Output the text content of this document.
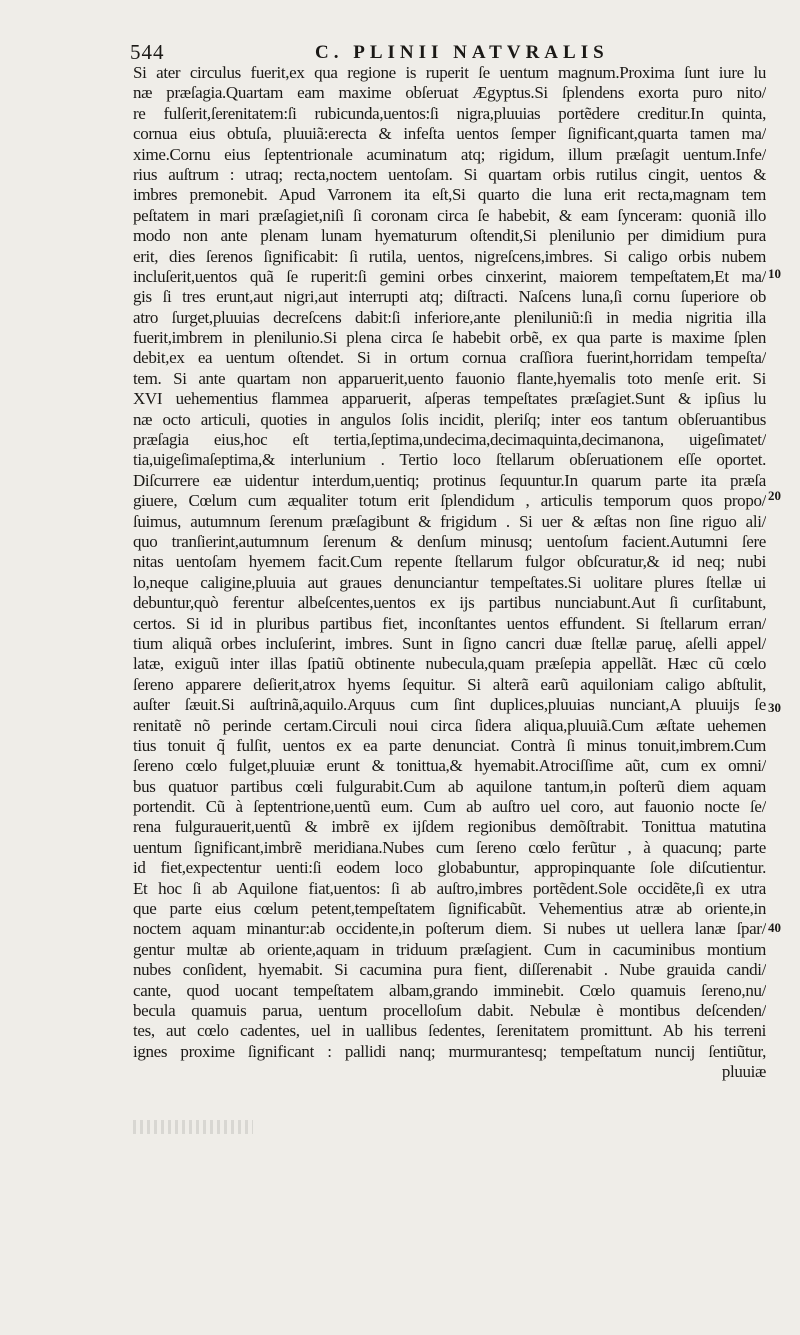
544	C. PLINII NATVRALIS
Si ater circulus fuerit,ex qua regione is ruperit ſe uentum magnum.Proxima ſunt iure lu
næ præſagia.Quartam eam maxime obſeruat Ægyptus.Si ſplendens exorta puro nito/
re fulſerit,ſerenitatem:ſi rubicunda,uentos:ſi nigra,pluuias portẽdere creditur.In quinta,
cornua eius obtuſa, pluuiã:erecta & infeſta uentos ſemper ſignificant,quarta tamen ma/
xime.Cornu eius ſeptentrionale acuminatum atq; rigidum, illum præſagit uentum.Infe/
rius auſtrum : utraq; recta,noctem uentoſam. Si quartam orbis rutilus cingit, uentos &
imbres premonebit. Apud Varronem ita eſt,Si quarto die luna erit recta,magnam tem
peſtatem in mari præſagiet,niſi ſi coronam circa ſe habebit, & eam ſynceram: quoniã illo
modo non ante plenam lunam hyematurum oſtendit,Si plenilunio per dimidium pura
erit, dies ſerenos ſignificabit: ſi rutila, uentos, nigreſcens,imbres. Si caligo orbis nubem
incluſerit,uentos quã ſe ruperit:ſi gemini orbes cinxerint, maiorem tempeſtatem,Et ma/
gis ſi tres erunt,aut nigri,aut interrupti atq; diſtracti. Naſcens luna,ſi cornu ſuperiore ob
atro ſurget,pluuias decreſcens dabit:ſi inferiore,ante pleniluniũ:ſi in media nigritia illa
fuerit,imbrem in plenilunio.Si plena circa ſe habebit orbẽ, ex qua parte is maxime ſplen
debit,ex ea uentum oſtendet. Si in ortum cornua craſſiora fuerint,horridam tempeſta/
tem. Si ante quartam non apparuerit,uento fauonio flante,hyemalis toto menſe erit. Si
XVI uehementius flammea apparuerit, aſperas tempeſtates præſagiet.Sunt & ipſius lu
næ octo articuli, quoties in angulos ſolis incidit, pleriſq; inter eos tantum obſeruantibus
præſagia eius,hoc eſt tertia,ſeptima,undecima,decimaquinta,decimanona, uigeſimatet/
tia,uigeſimaſeptima,& interlunium . Tertio loco ſtellarum obſeruationem eſſe oportet.
Diſcurrere eæ uidentur interdum,uentiq; protinus ſequuntur.In quarum parte ita præſa
giuere, Cœlum cum æqualiter totum erit ſplendidum , articulis temporum quos propo/
ſuimus, autumnum ſerenum præſagibunt & frigidum . Si uer & æſtas non ſine riguo ali/
quo tranſierint,autumnum ſerenum & denſum minusq; uentoſum facient.Autumni ſere
nitas uentoſam hyemem facit.Cum repente ſtellarum fulgor obſcuratur,& id neq; nubi
lo,neque caligine,pluuia aut graues denunciantur tempeſtates.Si uolitare plures ſtellæ ui
debuntur,quò ferentur albeſcentes,uentos ex ijs partibus nunciabunt.Aut ſi curſitabunt,
certos. Si id in pluribus partibus fiet, inconſtantes uentos effundent. Si ſtellarum erran/
tium aliquã orbes incluſerint, imbres. Sunt in ſigno cancri duæ ſtellæ paruę, aſelli appel/
latæ, exiguũ inter illas ſpatiũ obtinente nubecula,quam præſepia appellãt. Hæc cũ cœlo
ſereno apparere deſierit,atrox hyems ſequitur. Si alterã earũ aquiloniam caligo abſtulit,
auſter ſæuit.Si auſtrinã,aquilo.Arquus cum ſint duplices,pluuias nunciant,A pluuijs ſe
renitatẽ nõ perinde certam.Circuli noui circa ſidera aliqua,pluuiã.Cum æſtate uehemen
tius tonuit q̃ fulſit, uentos ex ea parte denunciat. Contrà ſi minus tonuit,imbrem.Cum
ſereno cœlo fulget,pluuiæ erunt & tonittua,& hyemabit.Atrociſſime aũt, cum ex omni/
bus quatuor partibus cœli fulgurabit.Cum ab aquilone tantum,in poſterũ diem aquam
portendit. Cũ à ſeptentrione,uentũ eum. Cum ab auſtro uel coro, aut fauonio nocte ſe/
rena fulgurauerit,uentũ & imbrẽ ex ijſdem regionibus demõſtrabit. Tonittua matutina
uentum ſignificant,imbrẽ meridiana.Nubes cum ſereno cœlo ferũtur , à quacunq; parte
id fiet,expectentur uenti:ſi eodem loco globabuntur, appropinquante ſole diſcutientur.
Et hoc ſi ab Aquilone fiat,uentos: ſi ab auſtro,imbres portẽdent.Sole occidẽte,ſi ex utra
que parte eius cœlum petent,tempeſtatem ſignificabũt. Vehementius atræ ab oriente,in
noctem aquam minantur:ab occidente,in poſterum diem. Si nubes ut uellera lanæ ſpar/
gentur multæ ab oriente,aquam in triduum præſagient. Cum in cacuminibus montium
nubes conſident, hyemabit. Si cacumina pura fient, diſſerenabit . Nube grauida candi/
cante, quod uocant tempeſtatem albam,grando imminebit. Cœlo quamuis ſereno,nu/
becula quamuis parua, uentum procelloſum dabit. Nebulæ è montibus deſcenden/
tes, aut cœlo cadentes, uel in uallibus ſedentes, ſerenitatem promittunt. Ab his terreni
ignes proxime ſignificant : pallidi nanq; murmurantesq; tempeſtatum nuncij ſentiũtur,
pluuiæ
10
20
30
40
